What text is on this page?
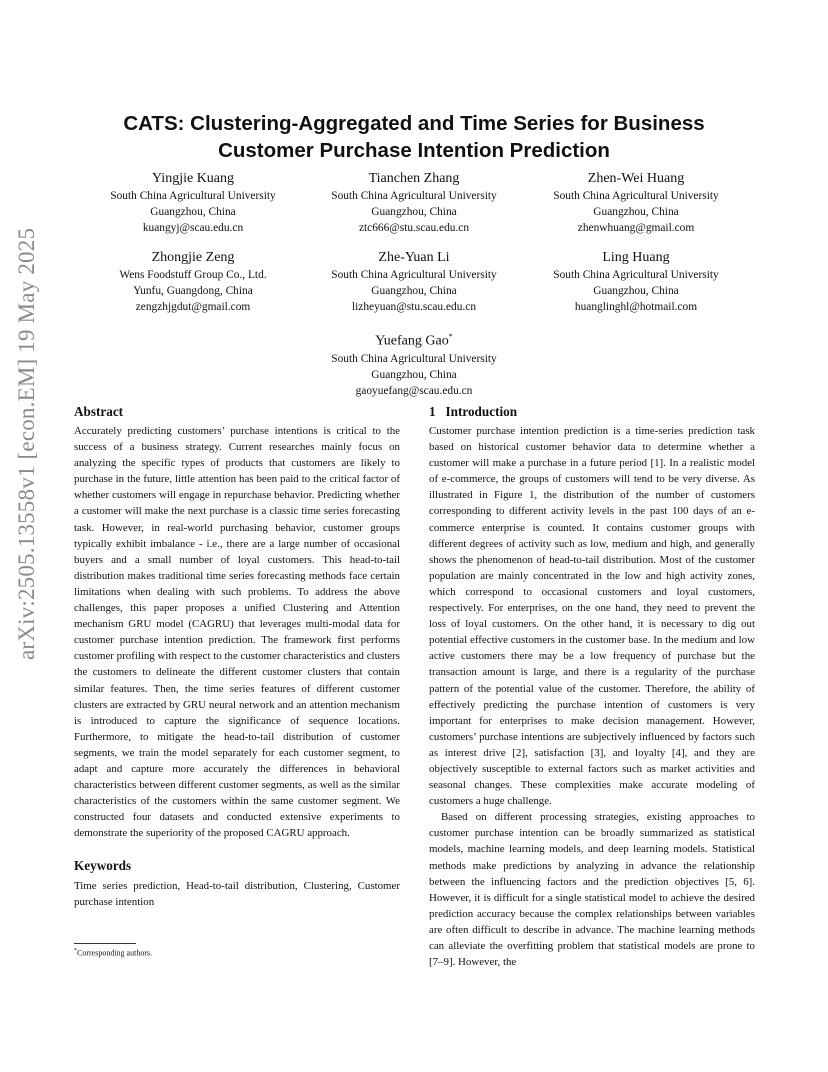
arXiv:2505.13558v1 [econ.EM] 19 May 2025
CATS: Clustering-Aggregated and Time Series for Business Customer Purchase Intention Prediction
Yingjie Kuang
South China Agricultural University
Guangzhou, China
kuangyj@scau.edu.cn
Tianchen Zhang
South China Agricultural University
Guangzhou, China
ztc666@stu.scau.edu.cn
Zhen-Wei Huang
South China Agricultural University
Guangzhou, China
zhenwhuang@gmail.com
Zhongjie Zeng
Wens Foodstuff Group Co., Ltd.
Yunfu, Guangdong, China
zengzhjgdut@gmail.com
Zhe-Yuan Li
South China Agricultural University
Guangzhou, China
lizheyuan@stu.scau.edu.cn
Ling Huang
South China Agricultural University
Guangzhou, China
huanglinghl@hotmail.com
Yuefang Gao*
South China Agricultural University
Guangzhou, China
gaoyuefang@scau.edu.cn
Abstract

Accurately predicting customers’ purchase intentions is critical to the success of a business strategy. Current researches mainly focus on analyzing the specific types of products that customers are likely to purchase in the future, little attention has been paid to the critical factor of whether customers will engage in repurchase behavior. Predicting whether a customer will make the next purchase is a classic time series forecasting task. However, in real-world purchasing behavior, customer groups typically exhibit imbalance - i.e., there are a large number of occasional buyers and a small number of loyal customers. This head-to-tail distribution makes traditional time series forecasting methods face certain limitations when dealing with such problems. To address the above challenges, this paper proposes a unified Clustering and Attention mechanism GRU model (CAGRU) that leverages multi-modal data for customer purchase intention prediction. The framework first performs customer profiling with respect to the customer characteristics and clusters the customers to delineate the different customer clusters that contain similar features. Then, the time series features of different customer clusters are extracted by GRU neural network and an attention mechanism is introduced to capture the significance of sequence locations. Furthermore, to mitigate the head-to-tail distribution of customer segments, we train the model separately for each customer segment, to adapt and capture more accurately the differences in behavioral characteristics between different customer segments, as well as the similar characteristics of the customers within the same customer segment. We constructed four datasets and conducted extensive experiments to demonstrate the superiority of the proposed CAGRU approach.

Keywords

Time series prediction, Head-to-tail distribution, Clustering, Customer purchase intention

*Corresponding authors.
1   Introduction

Customer purchase intention prediction is a time-series prediction task based on historical customer behavior data to determine whether a customer will make a purchase in a future period [1]. In a realistic model of e-commerce, the groups of customers will tend to be very diverse. As illustrated in Figure 1, the distribution of the number of customers corresponding to different activity levels in the past 100 days of an e-commerce enterprise is counted. It contains customer groups with different degrees of activity such as low, medium and high, and generally shows the phenomenon of head-to-tail distribution. Most of the customer population are mainly concentrated in the low and high activity zones, which correspond to occasional customers and loyal customers, respectively. For enterprises, on the one hand, they need to prevent the loss of loyal customers. On the other hand, it is necessary to dig out potential effective customers in the customer base. In the medium and low active customers there may be a low frequency of purchase but the transaction amount is large, and there is a regularity of the purchase pattern of the potential value of the customer. Therefore, the ability of effectively predicting the purchase intention of customers is very important for enterprises to make decision management. However, customers’ purchase intentions are subjectively influenced by factors such as interest drive [2], satisfaction [3], and loyalty [4], and they are objectively susceptible to external factors such as market activities and seasonal changes. These complexities make accurate modeling of customers a huge challenge.

Based on different processing strategies, existing approaches to customer purchase intention can be broadly summarized as statistical models, machine learning models, and deep learning models. Statistical methods make predictions by analyzing in advance the relationship between the influencing factors and the prediction objectives [5, 6]. However, it is difficult for a single statistical model to achieve the desired prediction accuracy because the complex relationships between variables are often difficult to describe in advance. The machine learning methods can alleviate the overfitting problem that statistical models are prone to [7–9]. However, the
